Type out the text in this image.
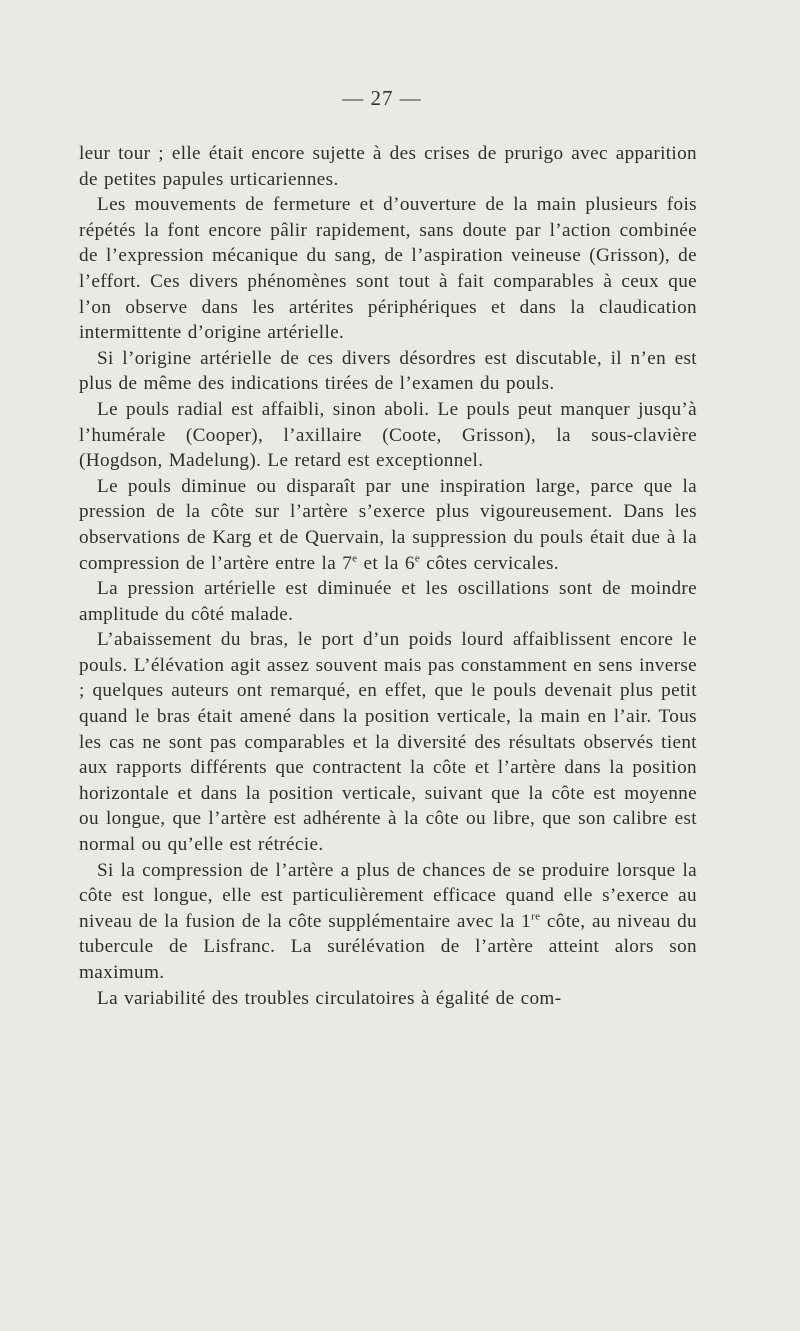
— 27 —

leur tour ; elle était encore sujette à des crises de prurigo avec apparition de petites papules urticariennes.

Les mouvements de fermeture et d’ouverture de la main plusieurs fois répétés la font encore pâlir rapidement, sans doute par l’action combinée de l’expression mécanique du sang, de l’aspiration veineuse (Grisson), de l’effort. Ces divers phénomènes sont tout à fait comparables à ceux que l’on observe dans les artérites périphériques et dans la claudication intermittente d’origine artérielle.

Si l’origine artérielle de ces divers désordres est discutable, il n’en est plus de même des indications tirées de l’examen du pouls.

Le pouls radial est affaibli, sinon aboli. Le pouls peut manquer jusqu’à l’humérale (Cooper), l’axillaire (Coote, Grisson), la sous-clavière (Hogdson, Madelung). Le retard est exceptionnel.

Le pouls diminue ou disparaît par une inspiration large, parce que la pression de la côte sur l’artère s’exerce plus vigoureusement. Dans les observations de Karg et de Quervain, la suppression du pouls était due à la compression de l’artère entre la 7e et la 6e côtes cervicales.

La pression artérielle est diminuée et les oscillations sont de moindre amplitude du côté malade.

L’abaissement du bras, le port d’un poids lourd affaiblissent encore le pouls. L’élévation agit assez souvent mais pas constamment en sens inverse ; quelques auteurs ont remarqué, en effet, que le pouls devenait plus petit quand le bras était amené dans la position verticale, la main en l’air. Tous les cas ne sont pas comparables et la diversité des résultats observés tient aux rapports différents que contractent la côte et l’artère dans la position horizontale et dans la position verticale, suivant que la côte est moyenne ou longue, que l’artère est adhérente à la côte ou libre, que son calibre est normal ou qu’elle est rétrécie.

Si la compression de l’artère a plus de chances de se produire lorsque la côte est longue, elle est particulièrement efficace quand elle s’exerce au niveau de la fusion de la côte supplémentaire avec la 1re côte, au niveau du tubercule de Lisfranc. La surélévation de l’artère atteint alors son maximum.

La variabilité des troubles circulatoires à égalité de com-
